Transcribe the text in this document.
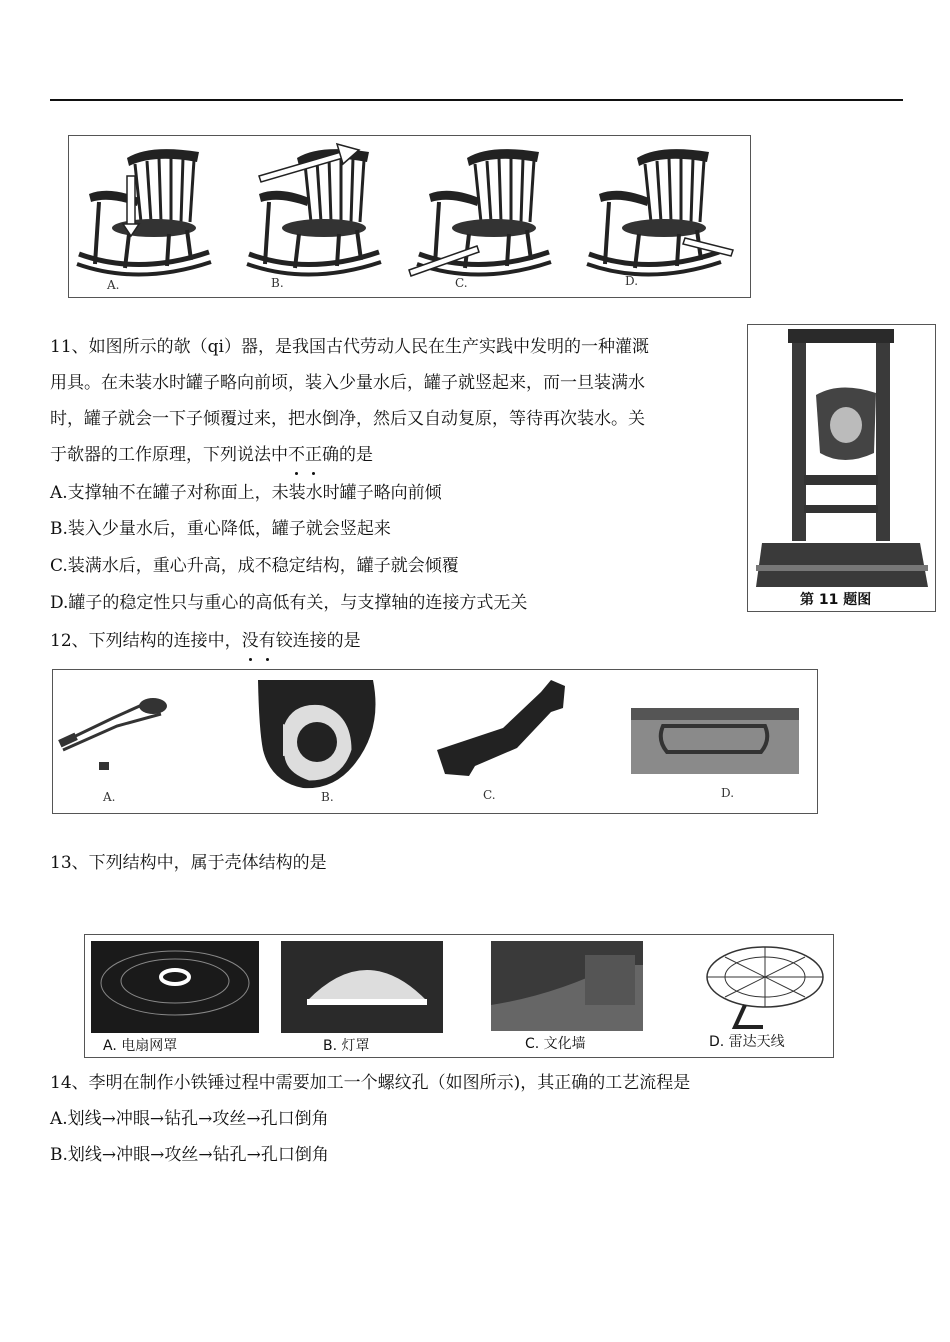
A.	B.	C.	D.
11、如图所示的欹（qi）器，是我国古代劳动人民在生产实践中发明的一种灌溉
用具。在未装水时罐子略向前顷，装入少量水后，罐子就竖起来，而一旦装满水
时，罐子就会一下子倾覆过来，把水倒净，然后又自动复原，等待再次装水。关
于欹器的工作原理，下列说法中不正确的是
A.支撑轴不在罐子对称面上，未装水时罐子略向前倾
B.装入少量水后，重心降低，罐子就会竖起来
C.装满水后，重心升高，成不稳定结构，罐子就会倾覆
D.罐子的稳定性只与重心的高低有关，与支撑轴的连接方式无关	第 11 题图
12、下列结构的连接中，没有铰连接的是
A.	B.	C.	D.
13、下列结构中，属于壳体结构的是
A. 电扇网罩	B. 灯罩	C. 文化墙	D. 雷达天线
14、李明在制作小铁锤过程中需要加工一个螺纹孔（如图所示)，其正确的工艺流程是
A.划线→冲眼→钻孔→攻丝→孔口倒角
B.划线→冲眼→攻丝→钻孔→孔口倒角
